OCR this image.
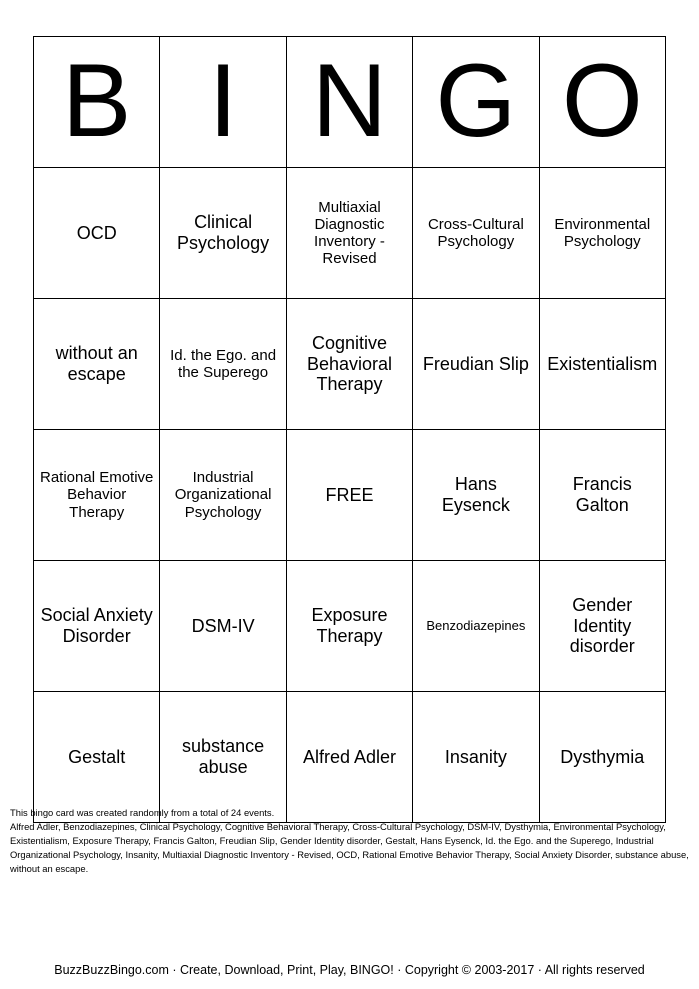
B	I	N	G	O
OCD	Clinical Psychology	Multiaxial Diagnostic Inventory - Revised	Cross-Cultural Psychology	Environmental Psychology
without an escape	Id. the Ego. and the Superego	Cognitive Behavioral Therapy	Freudian Slip	Existentialism
Rational Emotive Behavior Therapy	Industrial Organizational Psychology	FREE	Hans Eysenck	Francis Galton
Social Anxiety Disorder	DSM-IV	Exposure Therapy	Benzodiazepines	Gender Identity disorder
Gestalt	substance abuse	Alfred Adler	Insanity	Dysthymia

This bingo card was created randomly from a total of 24 events.

Alfred Adler, Benzodiazepines, Clinical Psychology, Cognitive Behavioral Therapy, Cross-Cultural Psychology, DSM-IV, Dysthymia, Environmental Psychology, Existentialism, Exposure Therapy, Francis Galton, Freudian Slip, Gender Identity disorder, Gestalt, Hans Eysenck, Id. the Ego. and the Superego, Industrial Organizational Psychology, Insanity, Multiaxial Diagnostic Inventory - Revised, OCD, Rational Emotive Behavior Therapy, Social Anxiety Disorder, substance abuse, without an escape.

BuzzBuzzBingo.com · Create, Download, Print, Play, BINGO! · Copyright © 2003-2017 · All rights reserved
